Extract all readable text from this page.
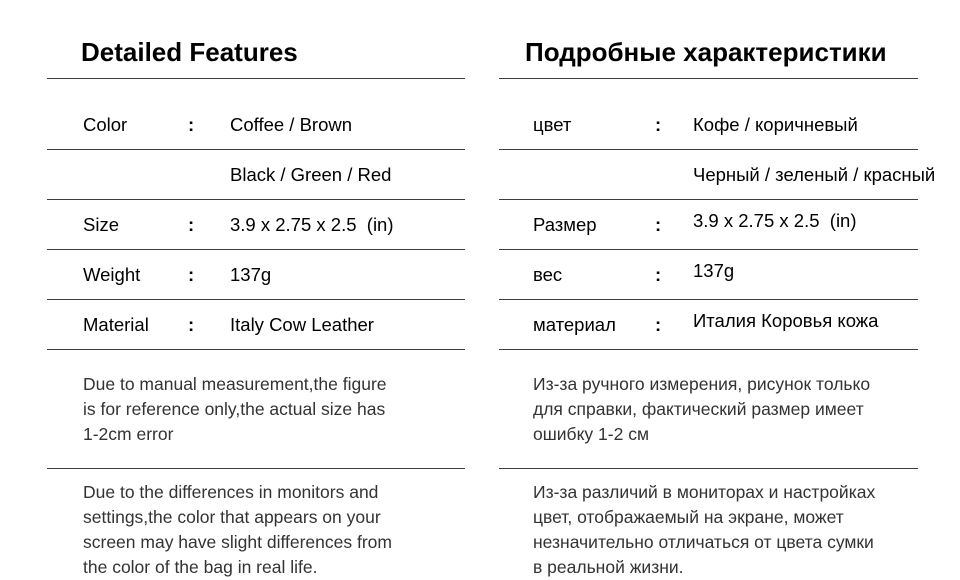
Detailed Features
Color	:	Coffee / Brown
Black / Green / Red
Size	:	3.9 x 2.75 x 2.5  (in)
Weight	:	137g
Material	:	Italy Cow Leather
Due to manual measurement,the figure
is for reference only,the actual size has
1-2cm error
Due to the differences in monitors and
settings,the color that appears on your
screen may have slight differences from
the color of the bag in real life.
Подробные характеристики
цвет	:	Кофе / коричневый
Черный / зеленый / красный
Размер	:	3.9 x 2.75 x 2.5  (in)
вес	:	137g
материал	:	Италия Коровья кожа
Из-за ручного измерения, рисунок только
для справки, фактический размер имеет
ошибку 1-2 см
Из-за различий в мониторах и настройках
цвет, отображаемый на экране, может
незначительно отличаться от цвета сумки
в реальной жизни.
